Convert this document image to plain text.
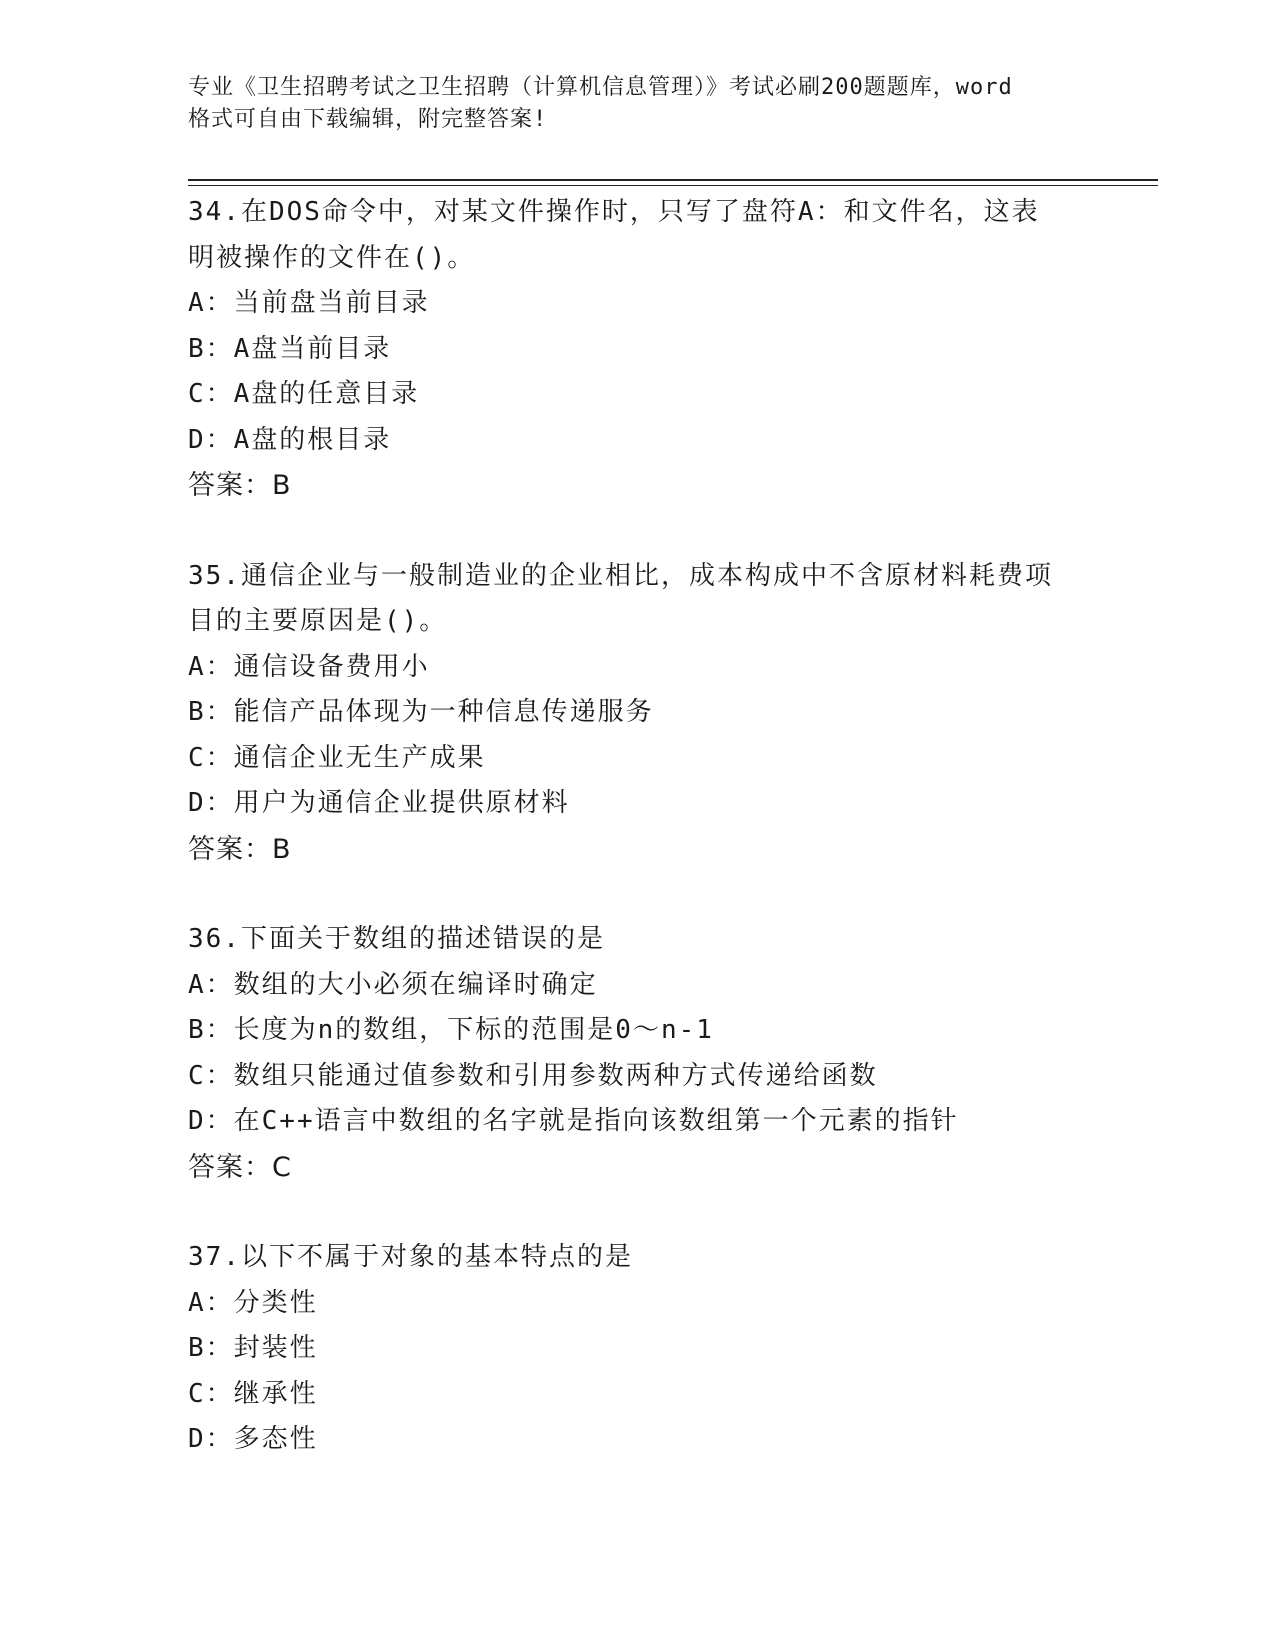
专业《卫生招聘考试之卫生招聘（计算机信息管理）》考试必刷200题题库，word
格式可自由下载编辑，附完整答案!
34.在DOS命令中，对某文件操作时，只写了盘符A：和文件名，这表
明被操作的文件在()。
A：当前盘当前目录
B：A盘当前目录
C：A盘的任意目录
D：A盘的根目录
答案：B
35.通信企业与一般制造业的企业相比，成本构成中不含原材料耗费项
目的主要原因是()。
A：通信设备费用小
B：能信产品体现为一种信息传递服务
C：通信企业无生产成果
D：用户为通信企业提供原材料
答案：B
36.下面关于数组的描述错误的是
A：数组的大小必须在编译时确定
B：长度为n的数组，下标的范围是0～n-1
C：数组只能通过值参数和引用参数两种方式传递给函数
D：在C++语言中数组的名字就是指向该数组第一个元素的指针
答案：C
37.以下不属于对象的基本特点的是
A：分类性
B：封装性
C：继承性
D：多态性
